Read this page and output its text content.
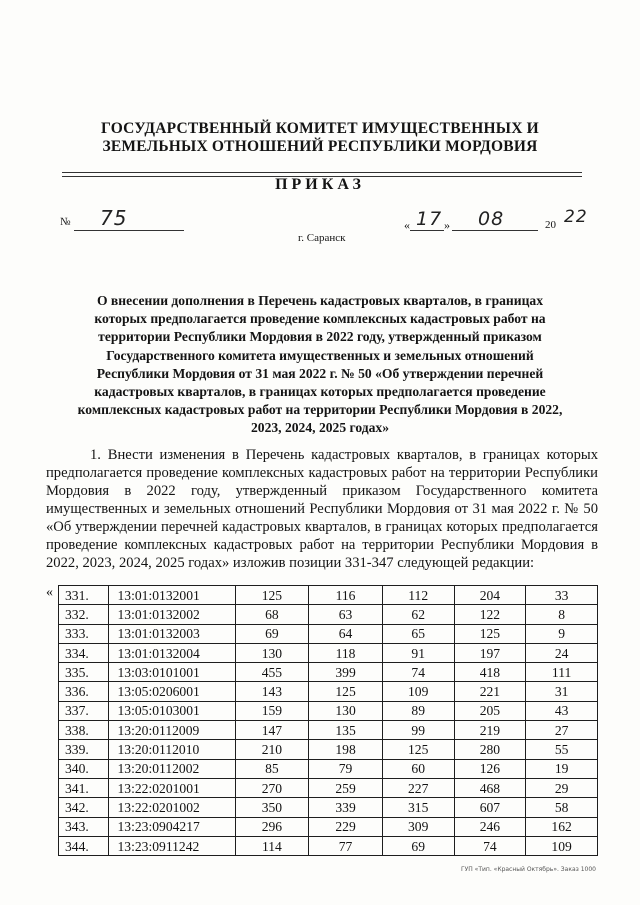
ГОСУДАРСТВЕННЫЙ КОМИТЕТ ИМУЩЕСТВЕННЫХ И
ЗЕМЕЛЬНЫХ ОТНОШЕНИЙ РЕСПУБЛИКИ МОРДОВИЯ
ПРИКАЗ
№ 75	« 17 » 08	20 22
г. Саранск
О внесении дополнения в Перечень кадастровых кварталов, в границах
которых предполагается проведение комплексных кадастровых работ на
территории Республики Мордовия в 2022 году, утвержденный приказом
Государственного комитета имущественных и земельных отношений
Республики Мордовия от 31 мая 2022 г. № 50 «Об утверждении перечней
кадастровых кварталов, в границах которых предполагается проведение
комплексных кадастровых работ на территории Республики Мордовия в 2022,
2023, 2024, 2025 годах»
1. Внести изменения в Перечень кадастровых кварталов, в границах которых предполагается проведение комплексных кадастровых работ на территории Республики Мордовия в 2022 году, утвержденный приказом Государственного комитета имущественных и земельных отношений Республики Мордовия от 31 мая 2022 г. № 50 «Об утверждении перечней кадастровых кварталов, в границах которых предполагается проведение комплексных кадастровых работ на территории Республики Мордовия в 2022, 2023, 2024, 2025 годах» изложив позиции 331-347 следующей редакции:
« 331.	13:01:0132001	125	116	112	204	33
332.	13:01:0132002	68	63	62	122	8
333.	13:01:0132003	69	64	65	125	9
334.	13:01:0132004	130	118	91	197	24
335.	13:03:0101001	455	399	74	418	111
336.	13:05:0206001	143	125	109	221	31
337.	13:05:0103001	159	130	89	205	43
338.	13:20:0112009	147	135	99	219	27
339.	13:20:0112010	210	198	125	280	55
340.	13:20:0112002	85	79	60	126	19
341.	13:22:0201001	270	259	227	468	29
342.	13:22:0201002	350	339	315	607	58
343.	13:23:0904217	296	229	309	246	162
344.	13:23:0911242	114	77	69	74	109
ГУП «Тип. «Красный Октябрь». Заказ 1000
